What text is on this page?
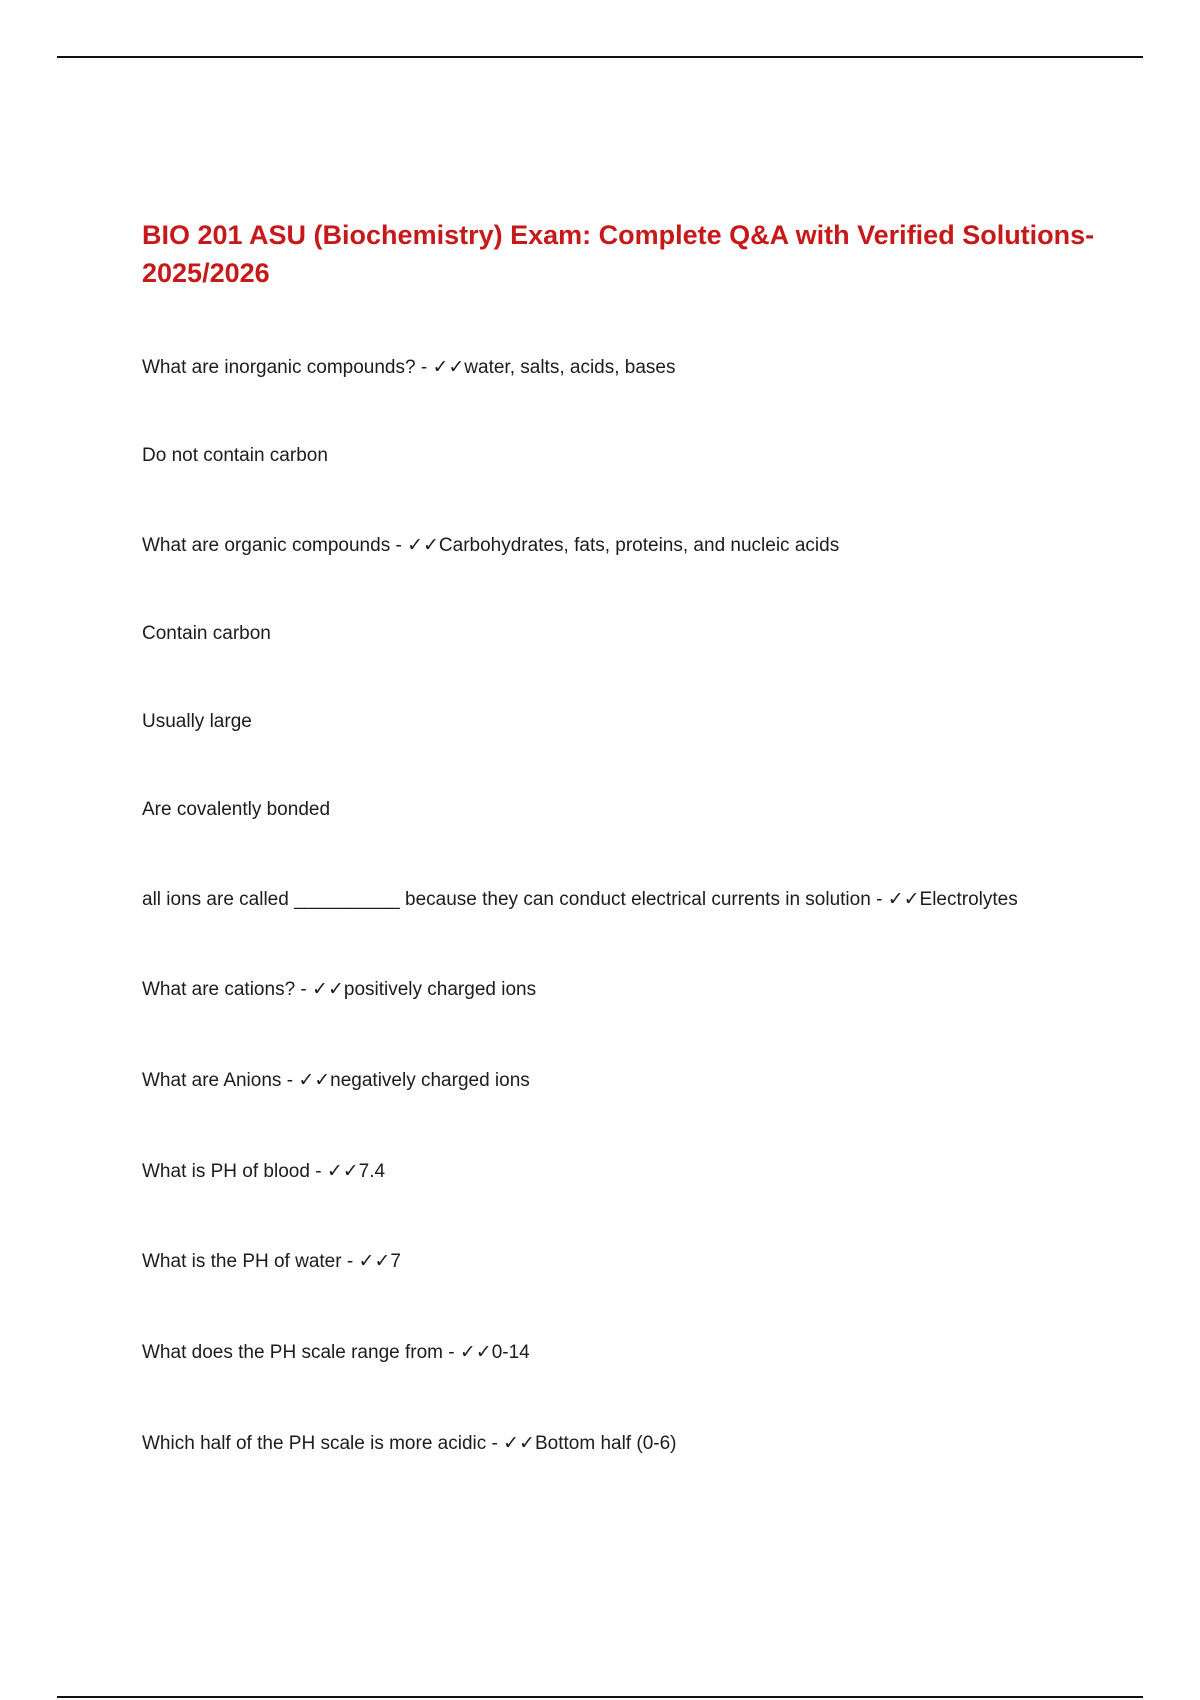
BIO 201 ASU (Biochemistry) Exam: Complete Q&A with Verified Solutions-2025/2026

What are inorganic compounds? - ✓✓water, salts, acids, bases

Do not contain carbon

What are organic compounds - ✓✓Carbohydrates, fats, proteins, and nucleic acids

Contain carbon

Usually large

Are covalently bonded

all ions are called __________ because they can conduct electrical currents in solution - ✓✓Electrolytes

What are cations? - ✓✓positively charged ions

What are Anions - ✓✓negatively charged ions

What is PH of blood - ✓✓7.4

What is the PH of water - ✓✓7

What does the PH scale range from - ✓✓0-14

Which half of the PH scale is more acidic - ✓✓Bottom half (0-6)
